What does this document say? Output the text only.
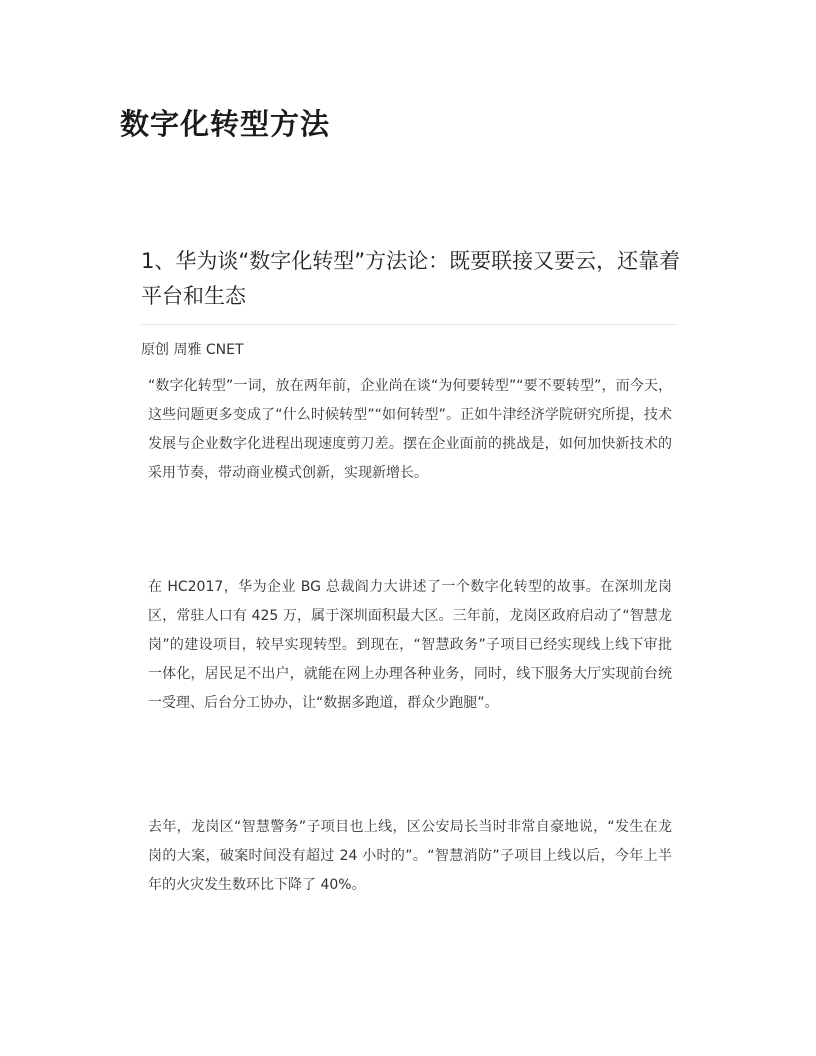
数字化转型方法
1、华为谈“数字化转型”方法论：既要联接又要云，还靠着平台和生态

原创 周雅 CNET

“数字化转型”一词，放在两年前，企业尚在谈“为何要转型”“要不要转型”，而今天，这些问题更多变成了“什么时候转型”“如何转型”。正如牛津经济学院研究所提，技术发展与企业数字化进程出现速度剪刀差。摆在企业面前的挑战是，如何加快新技术的采用节奏，带动商业模式创新，实现新增长。

在 HC2017，华为企业 BG 总裁阎力大讲述了一个数字化转型的故事。在深圳龙岗区，常驻人口有 425 万，属于深圳面积最大区。三年前，龙岗区政府启动了“智慧龙岗”的建设项目，较早实现转型。到现在，“智慧政务”子项目已经实现线上线下审批一体化，居民足不出户，就能在网上办理各种业务，同时，线下服务大厅实现前台统一受理、后台分工协办，让“数据多跑道，群众少跑腿”。

去年，龙岗区“智慧警务”子项目也上线，区公安局长当时非常自豪地说，“发生在龙岗的大案，破案时间没有超过 24 小时的”。“智慧消防”子项目上线以后，今年上半年的火灾发生数环比下降了 40%。
